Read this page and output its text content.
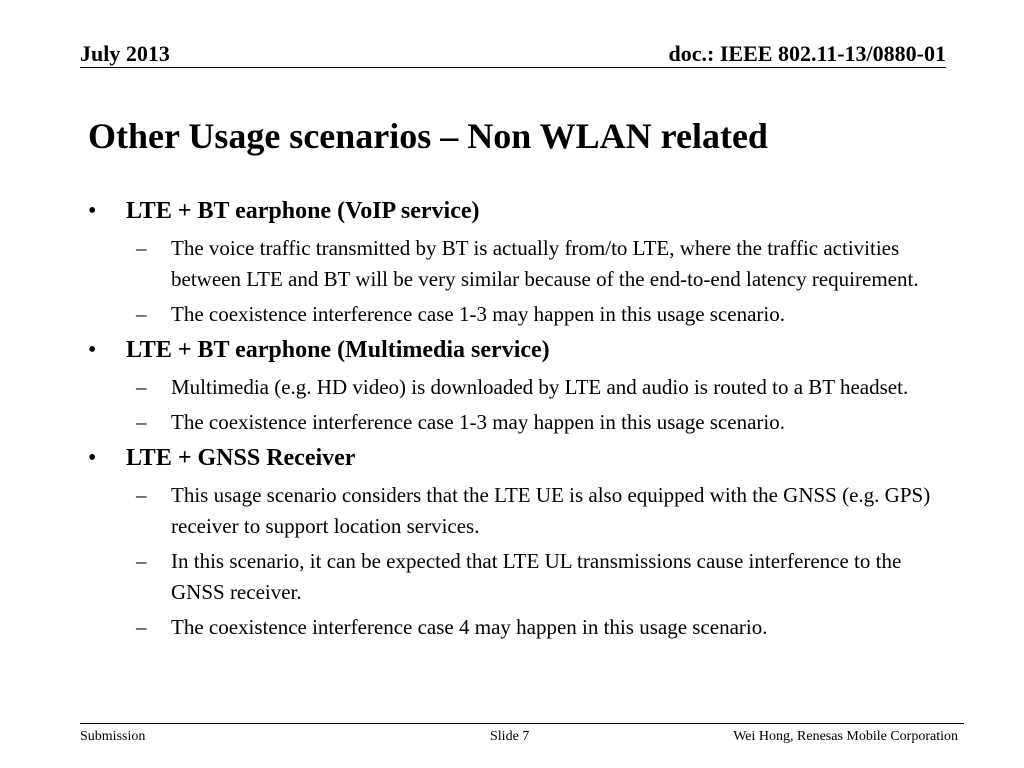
July 2013	doc.: IEEE 802.11-13/0880-01
Other Usage scenarios – Non WLAN related
• LTE + BT earphone (VoIP service)
– The voice traffic transmitted by BT is actually from/to LTE, where the traffic activities between LTE and BT will be very similar because of the end-to-end latency requirement.
– The coexistence interference case 1-3 may happen in this usage scenario.
• LTE + BT earphone (Multimedia service)
– Multimedia (e.g. HD video) is downloaded by LTE and audio is routed to a BT headset.
– The coexistence interference case 1-3 may happen in this usage scenario.
• LTE + GNSS Receiver
– This usage scenario considers that the LTE UE is also equipped with the GNSS (e.g. GPS) receiver to support location services.
– In this scenario, it can be expected that LTE UL transmissions cause interference to the GNSS receiver.
– The coexistence interference case 4 may happen in this usage scenario.
Submission	Slide 7	Wei Hong, Renesas Mobile Corporation
